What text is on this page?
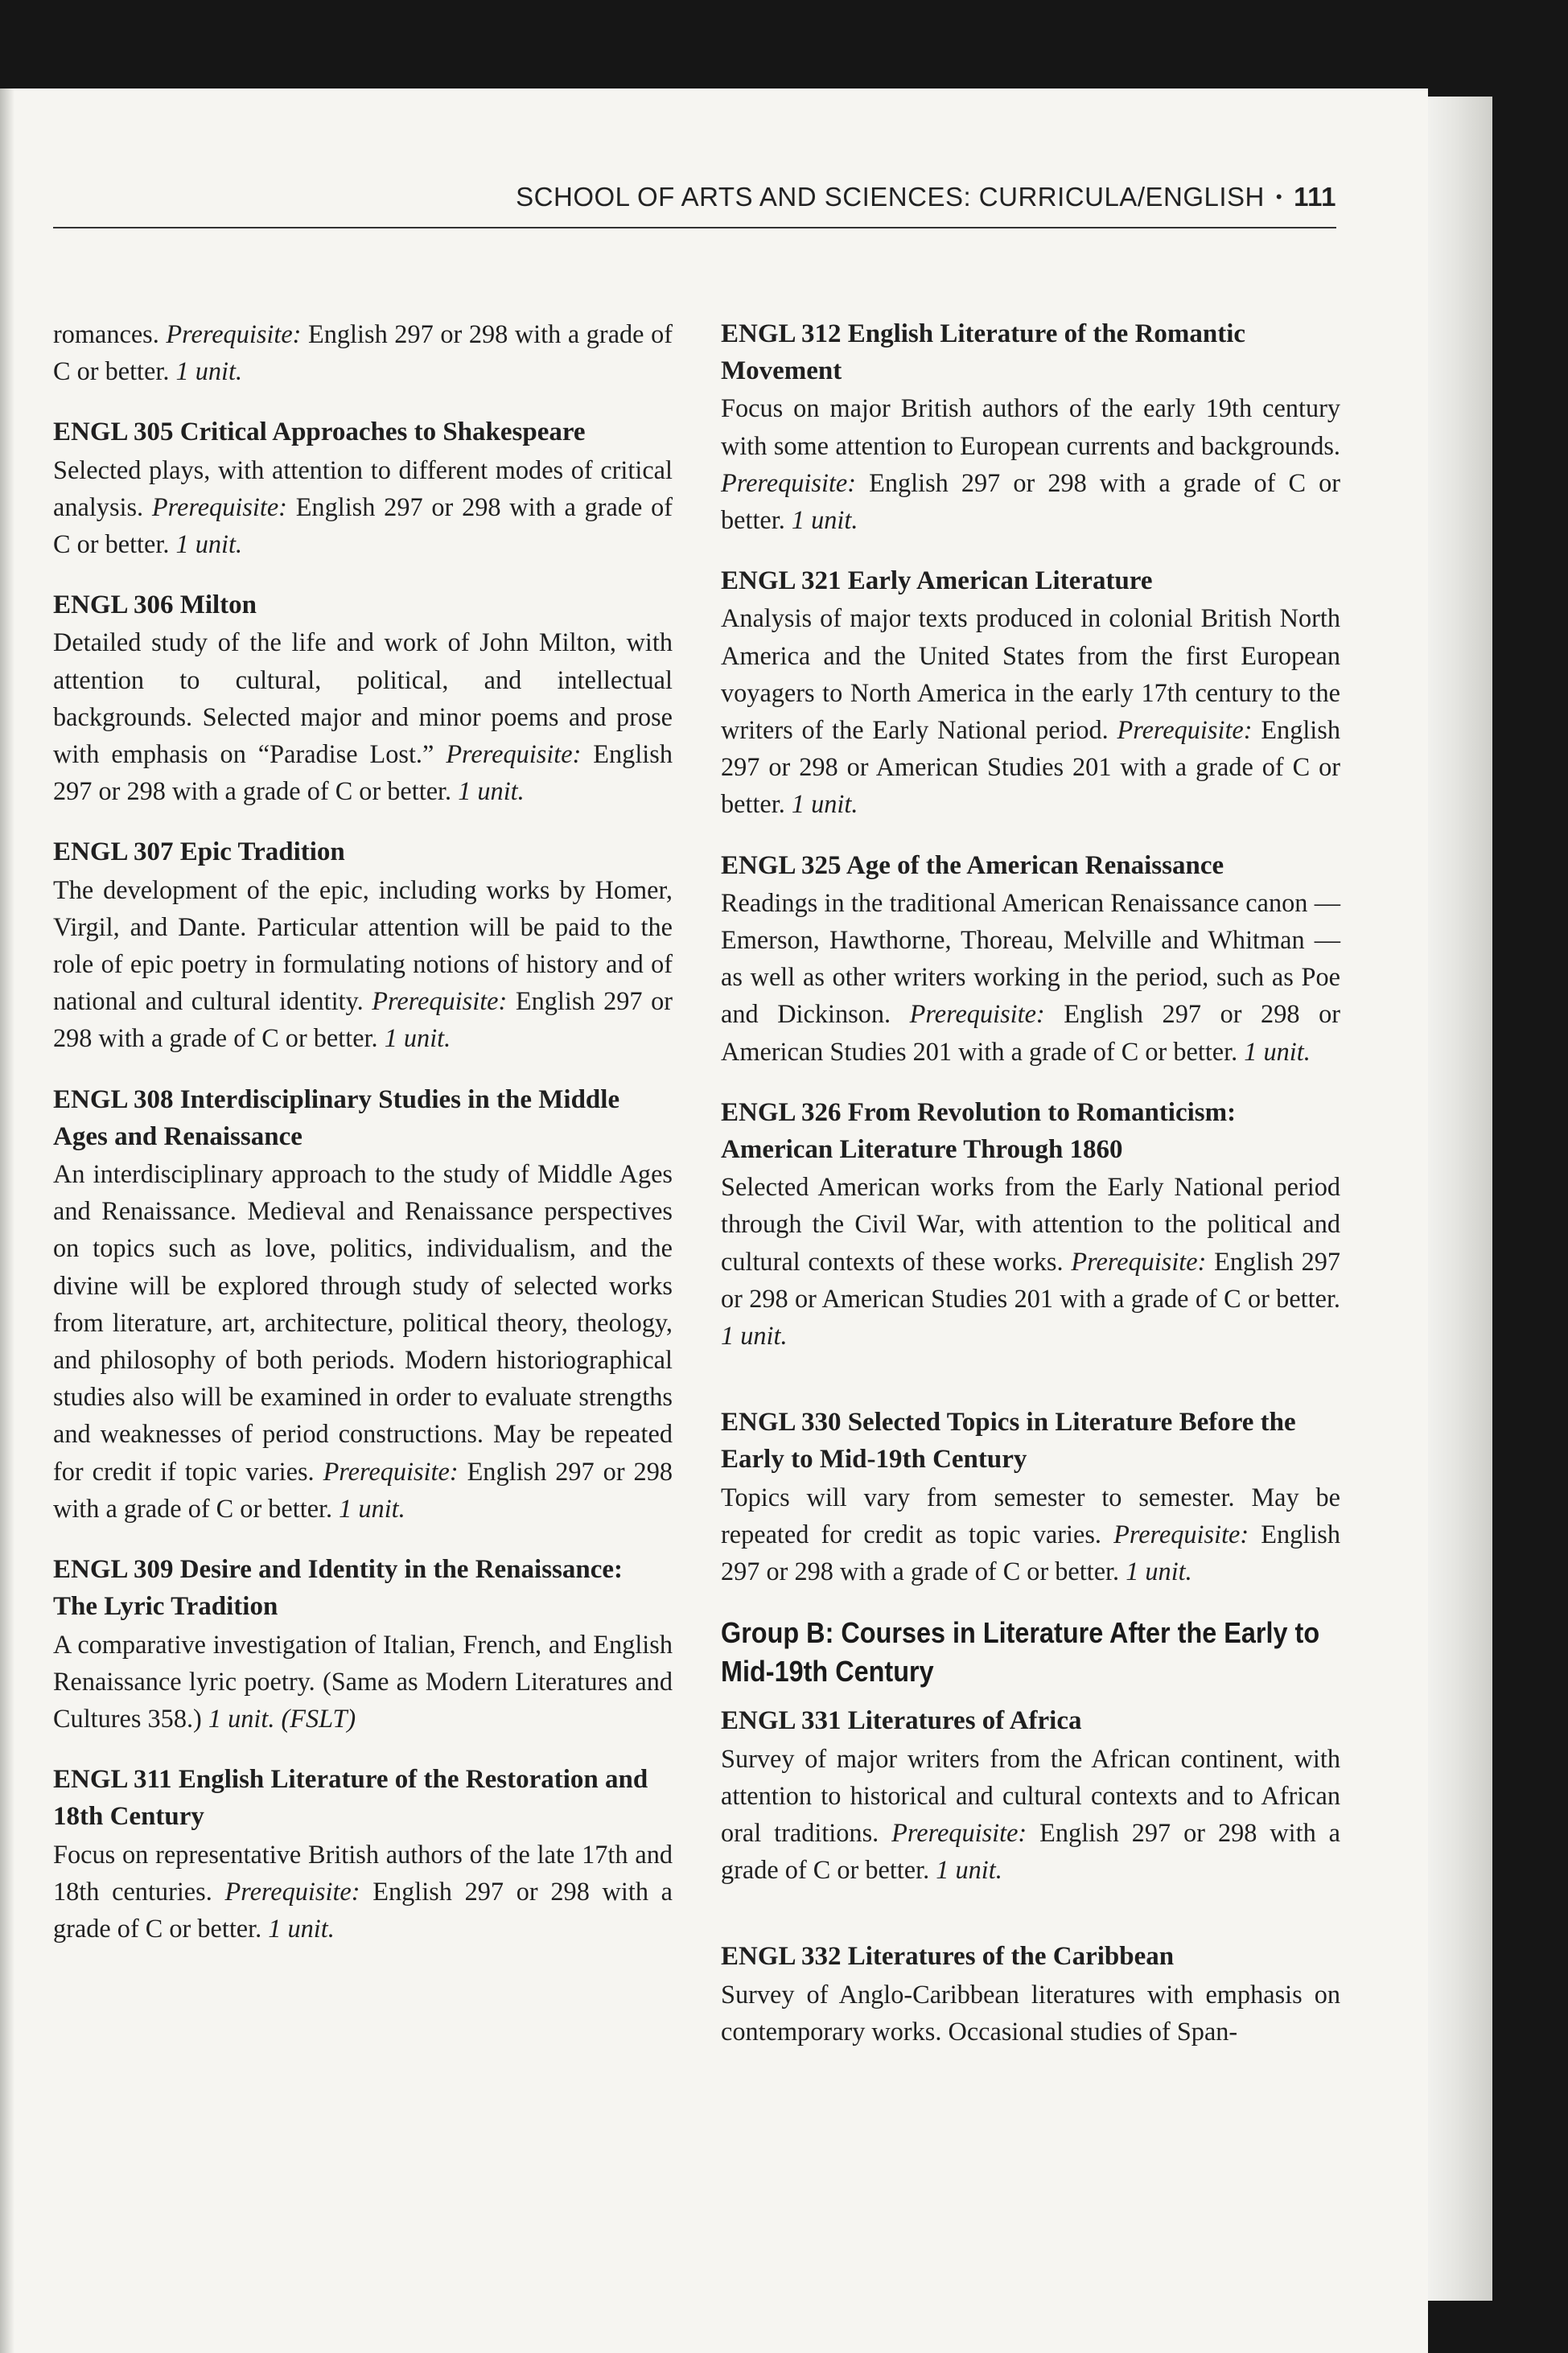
SCHOOL OF ARTS AND SCIENCES: CURRICULA/ENGLISH • 111

romances. Prerequisite: English 297 or 298 with a grade of C or better. 1 unit.

ENGL 305 Critical Approaches to Shakespeare

Selected plays, with attention to different modes of critical analysis. Prerequisite: English 297 or 298 with a grade of C or better. 1 unit.

ENGL 306 Milton

Detailed study of the life and work of John Milton, with attention to cultural, political, and intellectual backgrounds. Selected major and minor poems and prose with emphasis on “Paradise Lost.” Prerequisite: English 297 or 298 with a grade of C or better. 1 unit.

ENGL 307 Epic Tradition

The development of the epic, including works by Homer, Virgil, and Dante. Particular attention will be paid to the role of epic poetry in formulating notions of history and of national and cultural identity. Prerequisite: English 297 or 298 with a grade of C or better. 1 unit.

ENGL 308 Interdisciplinary Studies in the Middle Ages and Renaissance

An interdisciplinary approach to the study of Middle Ages and Renaissance. Medieval and Renaissance perspectives on topics such as love, politics, individualism, and the divine will be explored through study of selected works from literature, art, architecture, political theory, theology, and philosophy of both periods. Modern historiographical studies also will be examined in order to evaluate strengths and weaknesses of period constructions. May be repeated for credit if topic varies. Prerequisite: English 297 or 298 with a grade of C or better. 1 unit.

ENGL 309 Desire and Identity in the Renaissance: The Lyric Tradition

A comparative investigation of Italian, French, and English Renaissance lyric poetry. (Same as Modern Literatures and Cultures 358.) 1 unit. (FSLT)

ENGL 311 English Literature of the Restoration and 18th Century

Focus on representative British authors of the late 17th and 18th centuries. Prerequisite: English 297 or 298 with a grade of C or better. 1 unit.

ENGL 312 English Literature of the Romantic Movement

Focus on major British authors of the early 19th century with some attention to European currents and backgrounds. Prerequisite: English 297 or 298 with a grade of C or better. 1 unit.

ENGL 321 Early American Literature

Analysis of major texts produced in colonial British North America and the United States from the first European voyagers to North America in the early 17th century to the writers of the Early National period. Prerequisite: English 297 or 298 or American Studies 201 with a grade of C or better. 1 unit.

ENGL 325 Age of the American Renaissance

Readings in the traditional American Renaissance canon — Emerson, Hawthorne, Thoreau, Melville and Whitman — as well as other writers working in the period, such as Poe and Dickinson. Prerequisite: English 297 or 298 or American Studies 201 with a grade of C or better. 1 unit.

ENGL 326 From Revolution to Romanticism: American Literature Through 1860

Selected American works from the Early National period through the Civil War, with attention to the political and cultural contexts of these works. Prerequisite: English 297 or 298 or American Studies 201 with a grade of C or better. 1 unit.

ENGL 330 Selected Topics in Literature Before the Early to Mid-19th Century

Topics will vary from semester to semester. May be repeated for credit as topic varies. Prerequisite: English 297 or 298 with a grade of C or better. 1 unit.

Group B: Courses in Literature After the Early to Mid-19th Century
ENGL 331 Literatures of Africa

Survey of major writers from the African continent, with attention to historical and cultural contexts and to African oral traditions. Prerequisite: English 297 or 298 with a grade of C or better. 1 unit.

ENGL 332 Literatures of the Caribbean

Survey of Anglo-Caribbean literatures with emphasis on contemporary works. Occasional studies of Span-
